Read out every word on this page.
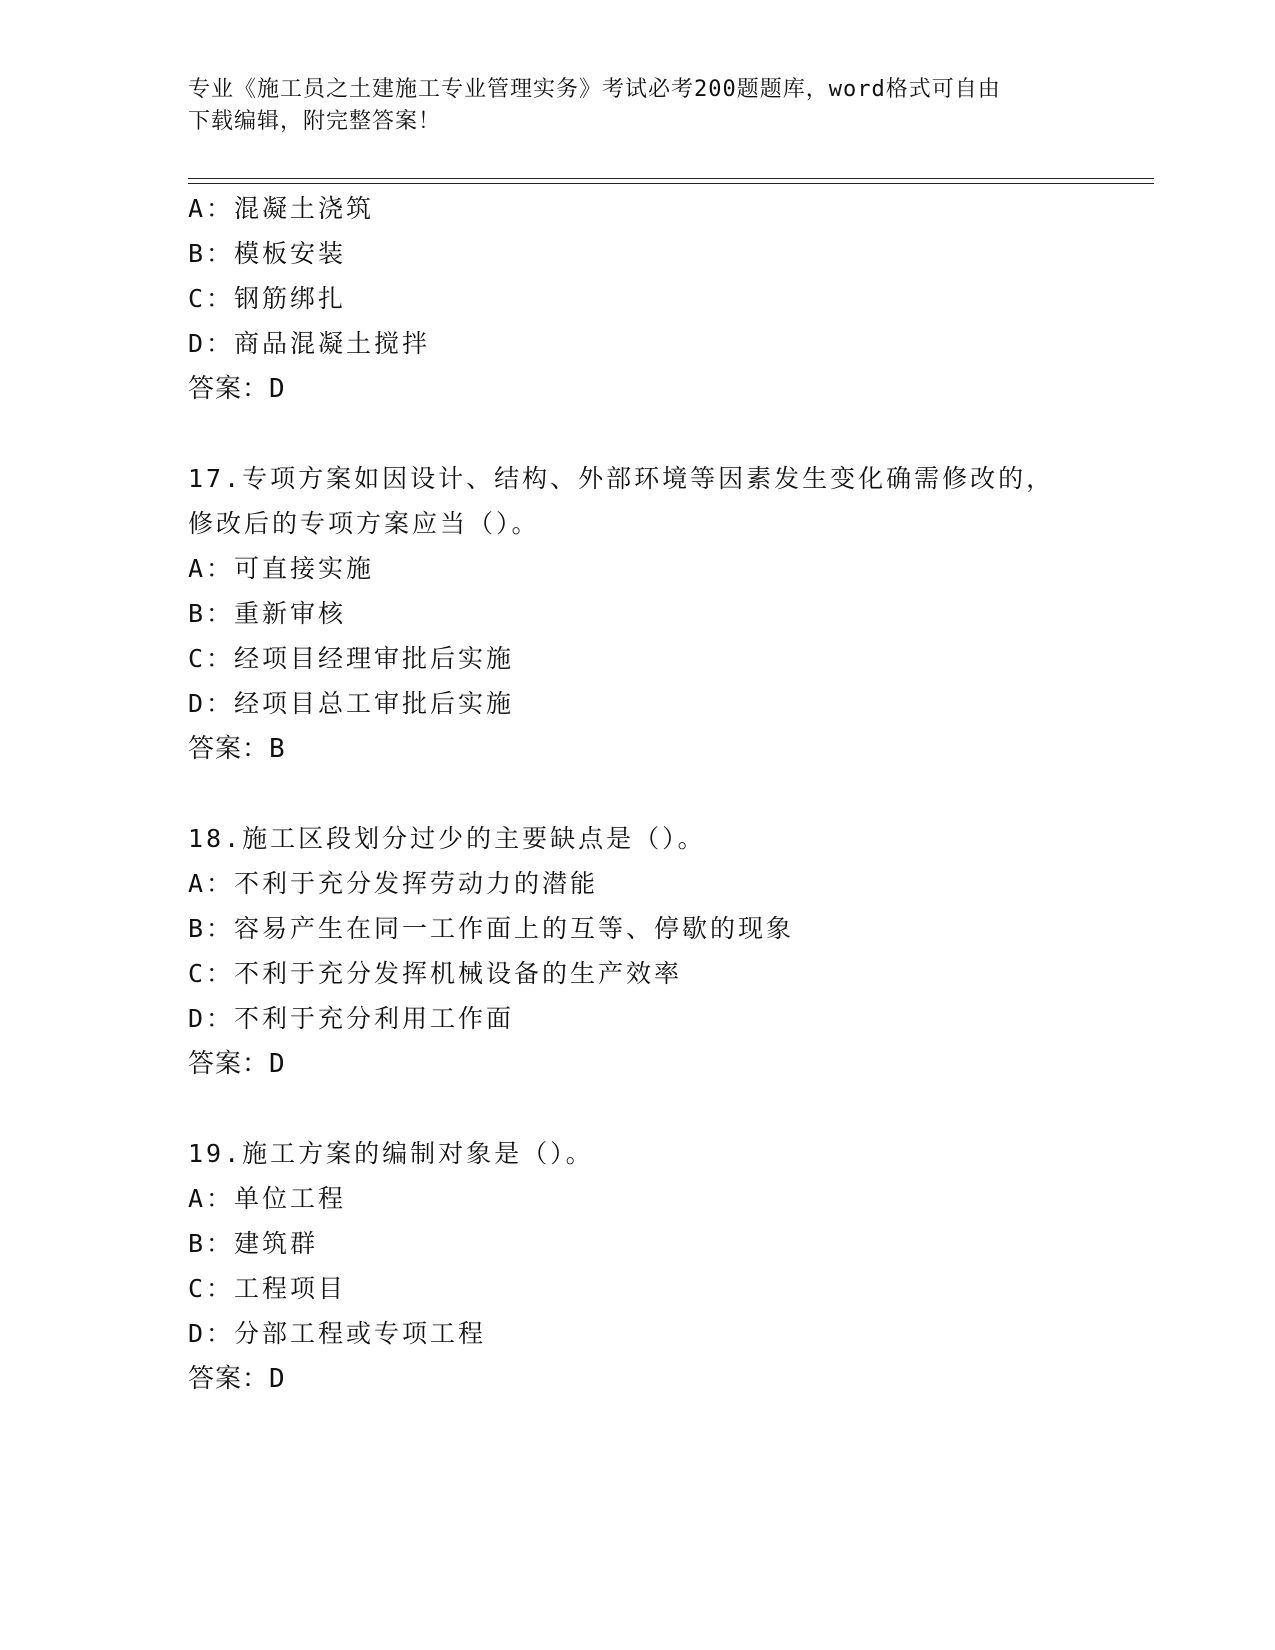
专业《施工员之土建施工专业管理实务》考试必考200题题库，word格式可自由
下载编辑，附完整答案！
A：混凝土浇筑
B：模板安装
C：钢筋绑扎
D：商品混凝土搅拌
答案：D
17.专项方案如因设计、结构、外部环境等因素发生变化确需修改的，
修改后的专项方案应当（）。
A：可直接实施
B：重新审核
C：经项目经理审批后实施
D：经项目总工审批后实施
答案：B
18.施工区段划分过少的主要缺点是（）。
A：不利于充分发挥劳动力的潜能
B：容易产生在同一工作面上的互等、停歇的现象
C：不利于充分发挥机械设备的生产效率
D：不利于充分利用工作面
答案：D
19.施工方案的编制对象是（）。
A：单位工程
B：建筑群
C：工程项目
D：分部工程或专项工程
答案：D
